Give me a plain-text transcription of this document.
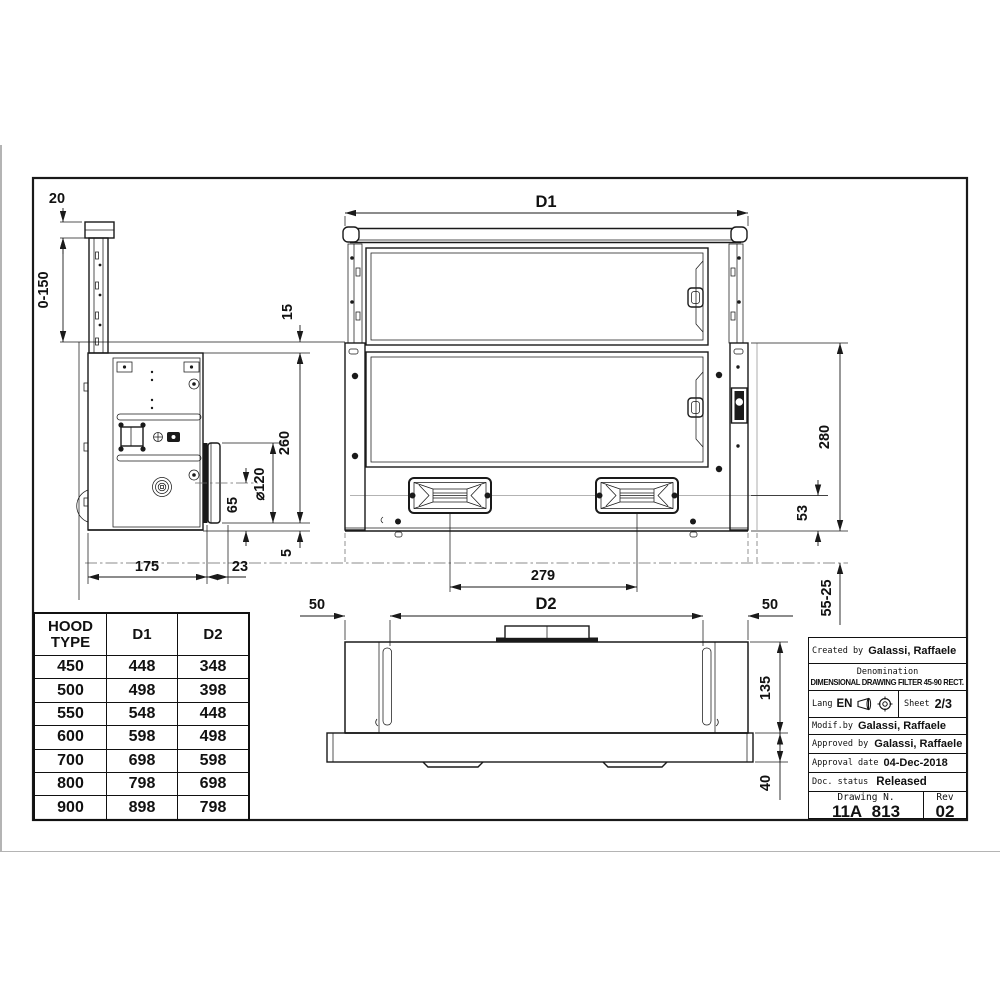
20
0-150
15
260
5
⌀120
65
175	23
D1
279
280
53
55-25
50	D2	50
135
40
HOOD TYPE	D1	D2
450	448	348
500	498	398
550	548	448
600	598	498
700	698	598
800	798	698
900	898	798
Created by Galassi, Raffaele
Denomination
DIMENSIONAL DRAWING FILTER 45-90 RECT.
Lang EN	Sheet 2/3
Modif.by Galassi, Raffaele
Approved by Galassi, Raffaele
Approval date 04-Dec-2018
Doc. status Released
Drawing N.
11A_813
Rev
02
